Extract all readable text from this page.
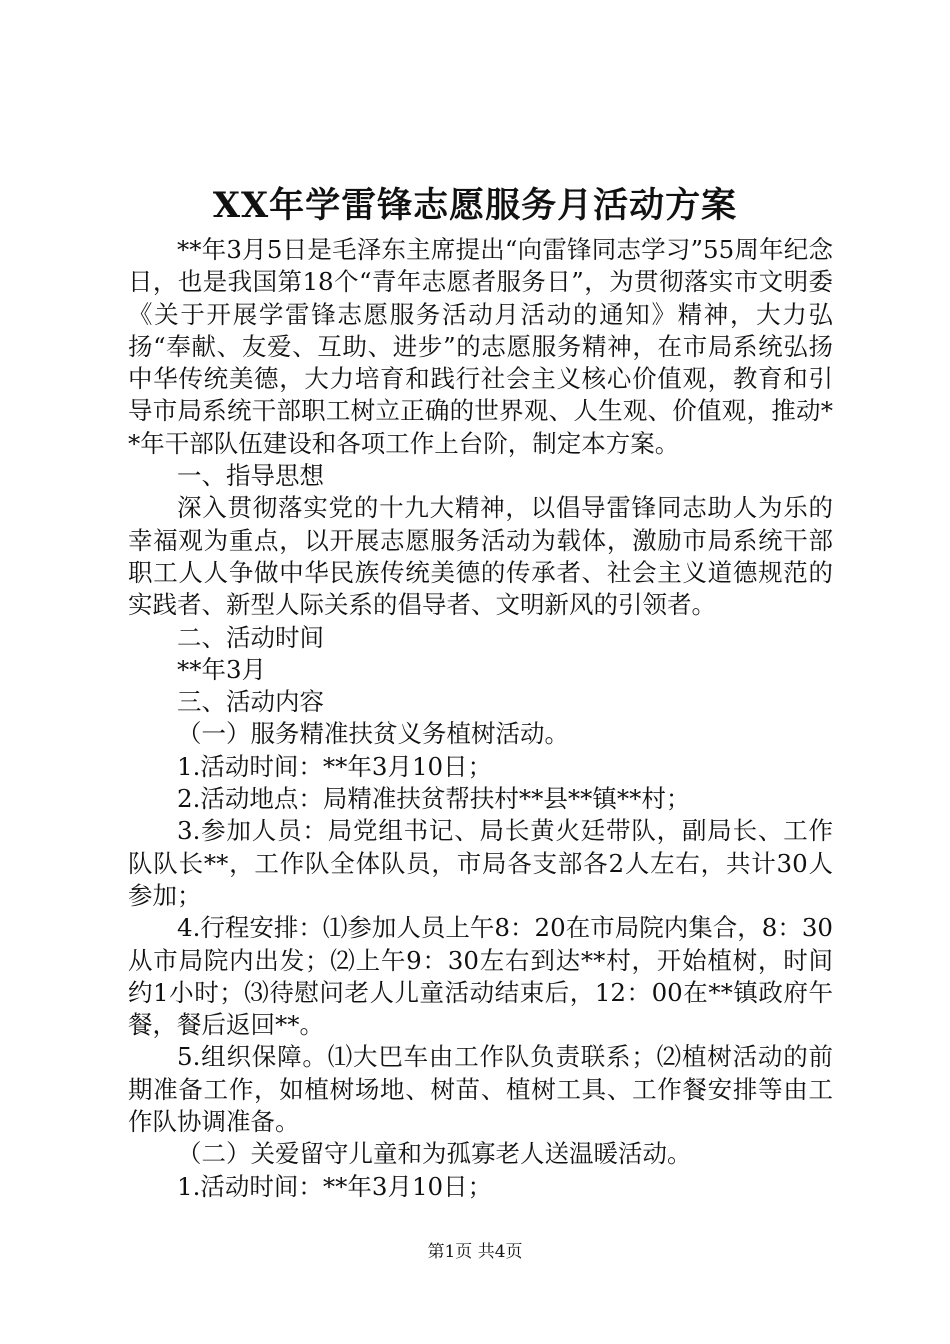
XX年学雷锋志愿服务月活动方案

**年3月5日是毛泽东主席提出“向雷锋同志学习”55周年纪念日，也是我国第18个“青年志愿者服务日”，为贯彻落实市文明委《关于开展学雷锋志愿服务活动月活动的通知》精神，大力弘扬“奉献、友爱、互助、进步”的志愿服务精神，在市局系统弘扬中华传统美德，大力培育和践行社会主义核心价值观，教育和引导市局系统干部职工树立正确的世界观、人生观、价值观，推动**年干部队伍建设和各项工作上台阶，制定本方案。

一、指导思想

深入贯彻落实党的十九大精神，以倡导雷锋同志助人为乐的幸福观为重点，以开展志愿服务活动为载体，激励市局系统干部职工人人争做中华民族传统美德的传承者、社会主义道德规范的实践者、新型人际关系的倡导者、文明新风的引领者。

二、活动时间

**年3月

三、活动内容

（一）服务精准扶贫义务植树活动。

1.活动时间：**年3月10日；

2.活动地点：局精准扶贫帮扶村**县**镇**村；

3.参加人员：局党组书记、局长黄火廷带队，副局长、工作队队长**，工作队全体队员，市局各支部各2人左右，共计30人参加；

4.行程安排：⑴参加人员上午8：20在市局院内集合，8：30从市局院内出发；⑵上午9：30左右到达**村，开始植树，时间约1小时；⑶待慰问老人儿童活动结束后，12：00在**镇政府午餐，餐后返回**。

5.组织保障。⑴大巴车由工作队负责联系；⑵植树活动的前期准备工作，如植树场地、树苗、植树工具、工作餐安排等由工作队协调准备。

（二）关爱留守儿童和为孤寡老人送温暖活动。

1.活动时间：**年3月10日；

第1页 共4页
